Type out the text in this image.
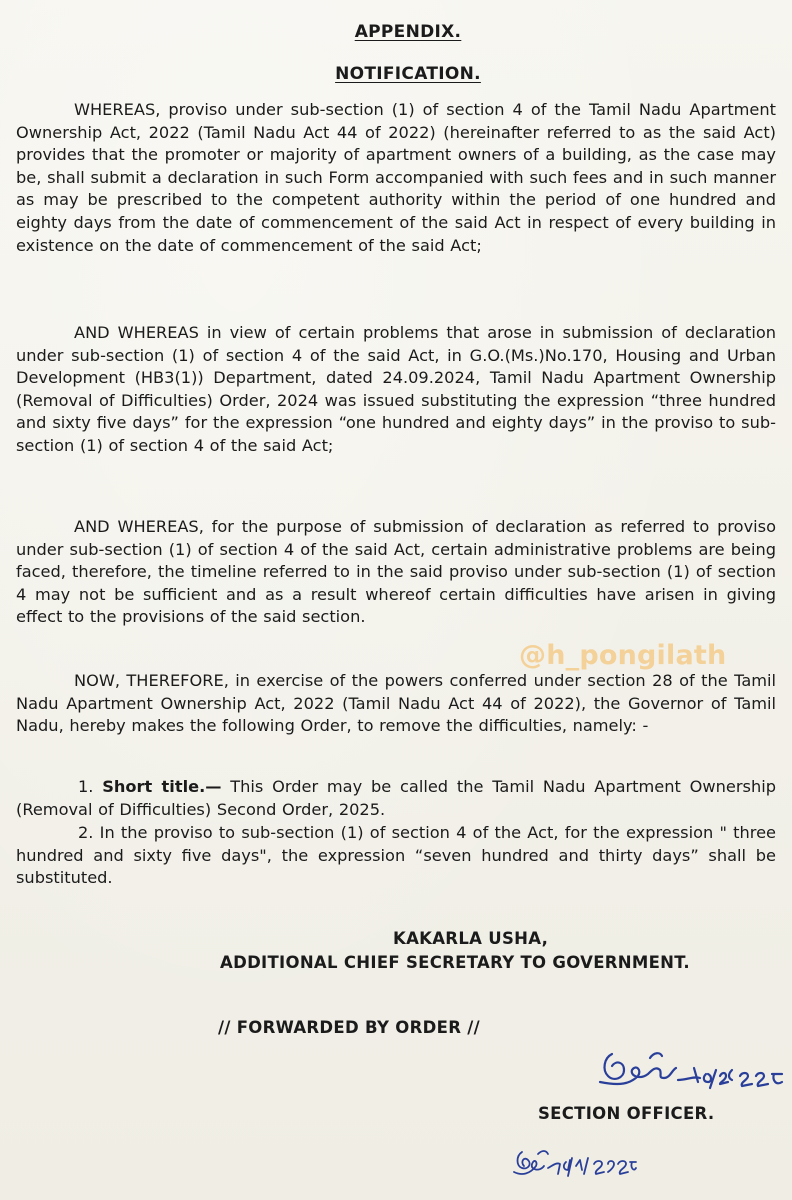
APPENDIX.
NOTIFICATION.

WHEREAS, proviso under sub-section (1) of section 4 of the Tamil Nadu Apartment Ownership Act, 2022 (Tamil Nadu Act 44 of 2022) (hereinafter referred to as the said Act) provides that the promoter or majority of apartment owners of a building, as the case may be, shall submit a declaration in such Form accompanied with such fees and in such manner as may be prescribed to the competent authority within the period of one hundred and eighty days from the date of commencement of the said Act in respect of every building in existence on the date of commencement of the said Act;

AND WHEREAS in view of certain problems that arose in submission of declaration under sub-section (1) of section 4 of the said Act, in G.O.(Ms.)No.170, Housing and Urban Development (HB3(1)) Department, dated 24.09.2024, Tamil Nadu Apartment Ownership (Removal of Difficulties) Order, 2024 was issued substituting the expression “three hundred and sixty five days” for the expression “one hundred and eighty days” in the proviso to sub-section (1) of section 4 of the said Act;

AND WHEREAS, for the purpose of submission of declaration as referred to proviso under sub-section (1) of section 4 of the said Act, certain administrative problems are being faced, therefore, the timeline referred to in the said proviso under sub-section (1) of section 4 may not be sufficient and as a result whereof certain difficulties have arisen in giving effect to the provisions of the said section.

NOW, THEREFORE, in exercise of the powers conferred under section 28 of the Tamil Nadu Apartment Ownership Act, 2022 (Tamil Nadu Act 44 of 2022), the Governor of Tamil Nadu, hereby makes the following Order, to remove the difficulties, namely: -

@h_pongilath

1. Short title.— This Order may be called the Tamil Nadu Apartment Ownership (Removal of Difficulties) Second Order, 2025.

2. In the proviso to sub-section (1) of section 4 of the Act, for the expression " three hundred and sixty five days", the expression “seven hundred and thirty days” shall be substituted.

KAKARLA USHA,
ADDITIONAL CHIEF SECRETARY TO GOVERNMENT.
// FORWARDED BY ORDER //
SECTION OFFICER.
